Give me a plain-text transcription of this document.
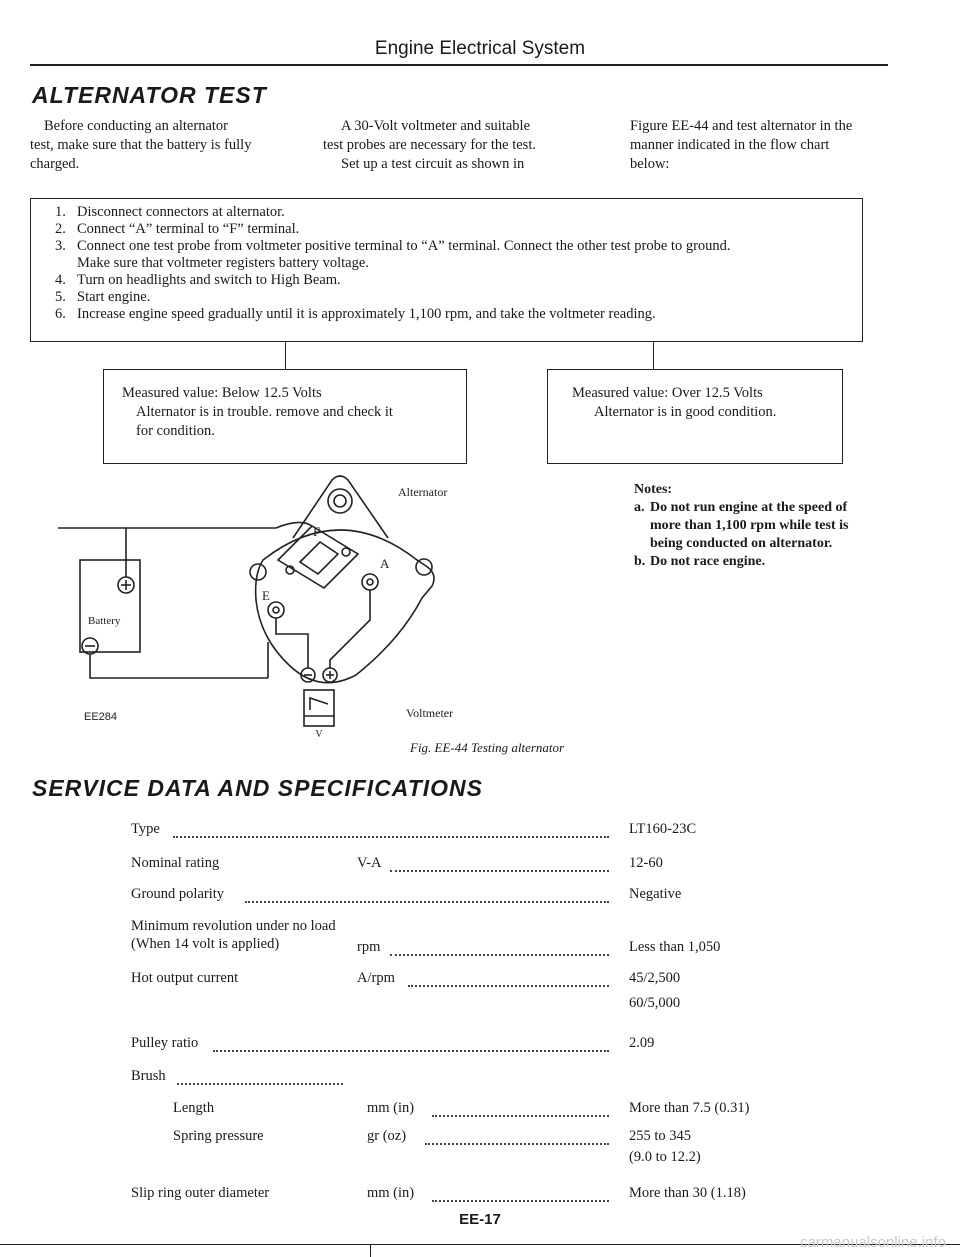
Engine Electrical System
ALTERNATOR TEST
Before conducting an alternator
test, make sure that the battery is fully
charged.
A 30-Volt voltmeter and suitable
test probes are necessary for the test.
Set up a test circuit as shown in
Figure EE-44 and test alternator in the
manner indicated in the flow chart
below:
1. Disconnect connectors at alternator.
2. Connect “A” terminal to “F” terminal.
3. Connect one test probe from voltmeter positive terminal to “A” terminal. Connect the other test probe to ground.
Make sure that voltmeter registers battery voltage.
4. Turn on headlights and switch to High Beam.
5. Start engine.
6. Increase engine speed gradually until it is approximately 1,100 rpm, and take the voltmeter reading.
Measured value: Below 12.5 Volts
Alternator is in trouble. remove and check it
for condition.
Measured value: Over 12.5 Volts
Alternator is in good condition.
Alternator
Battery
Voltmeter
F
A
E
V
EE284
Fig. EE-44 Testing alternator
Notes:
a. Do not run engine at the speed of
more than 1,100 rpm while test is
being conducted on alternator.
b. Do not race engine.
SERVICE DATA AND SPECIFICATIONS
Type	LT160-23C
Nominal rating	V-A	12-60
Ground polarity	Negative
Minimum revolution under no load
(When 14 volt is applied)	rpm	Less than 1,050
Hot output current	A/rpm	45/2,500
60/5,000
Pulley ratio	2.09
Brush
Length	mm (in)	More than 7.5 (0.31)
Spring pressure	gr (oz)	255 to 345
(9.0 to 12.2)
Slip ring outer diameter	mm (in)	More than 30 (1.18)
EE-17
carmanualsonline.info
